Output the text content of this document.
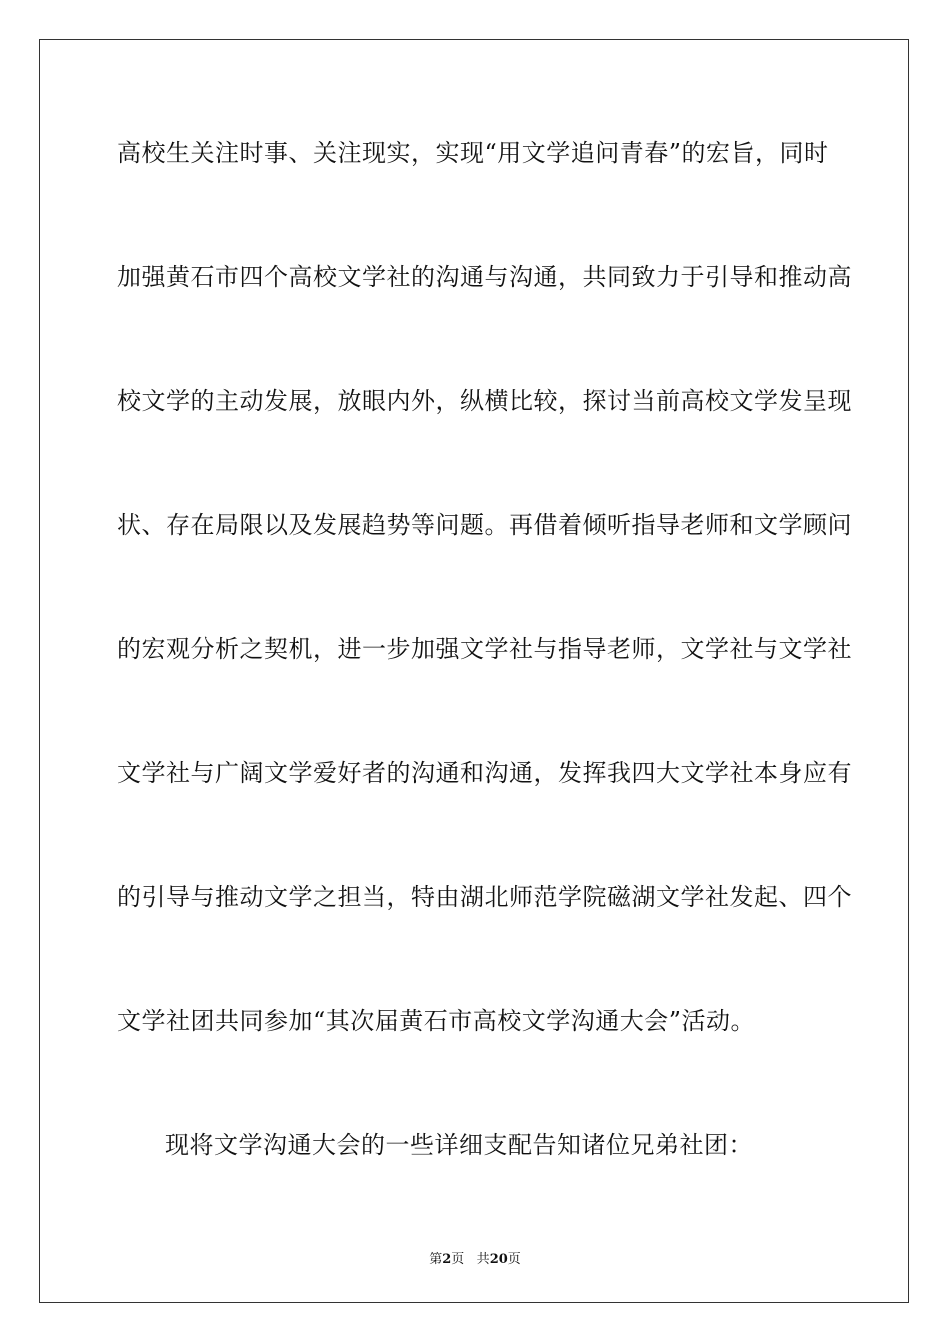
高校生关注时事、关注现实，实现“用文学追问青春”的宏旨，同时
加强黄石市四个高校文学社的沟通与沟通，共同致力于引导和推动高
校文学的主动发展，放眼内外，纵横比较，探讨当前高校文学发呈现
状、存在局限以及发展趋势等问题。再借着倾听指导老师和文学顾问
的宏观分析之契机，进一步加强文学社与指导老师，文学社与文学社
文学社与广阔文学爱好者的沟通和沟通，发挥我四大文学社本身应有
的引导与推动文学之担当，特由湖北师范学院磁湖文学社发起、四个
文学社团共同参加“其次届黄石市高校文学沟通大会”活动。
现将文学沟通大会的一些详细支配告知诸位兄弟社团：
第2页 共20页
